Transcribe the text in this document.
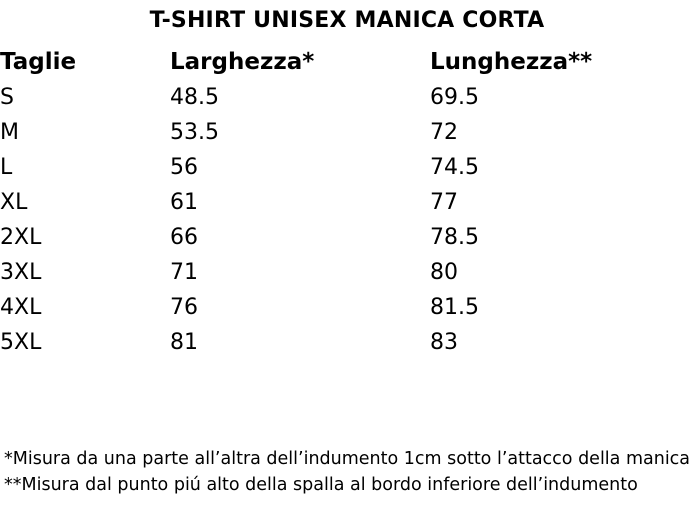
T-SHIRT UNISEX MANICA CORTA
Taglie	Larghezza*	Lunghezza**
S	48.5	69.5
M	53.5	72
L	56	74.5
XL	61	77
2XL	66	78.5
3XL	71	80
4XL	76	81.5
5XL	81	83
*Misura da una parte all’altra dell’indumento 1cm sotto l’attacco della manica
**Misura dal punto piú alto della spalla al bordo inferiore dell’indumento
